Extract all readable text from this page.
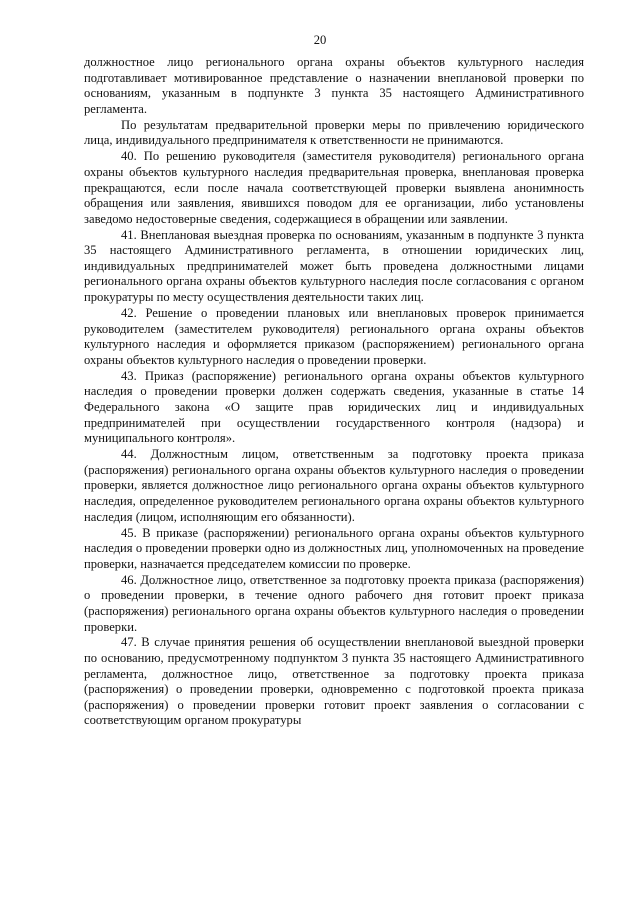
20

должностное лицо регионального органа охраны объектов культурного наследия подготавливает мотивированное представление о назначении внеплановой проверки по основаниям, указанным в подпункте 3 пункта 35 настоящего Административного регламента.

По результатам предварительной проверки меры по привлечению юридического лица, индивидуального предпринимателя к ответственности не принимаются.

40. По решению руководителя (заместителя руководителя) регионального органа охраны объектов культурного наследия предварительная проверка, внеплановая проверка прекращаются, если после начала соответствующей проверки выявлена анонимность обращения или заявления, явившихся поводом для ее организации, либо установлены заведомо недостоверные сведения, содержащиеся в обращении или заявлении.

41. Внеплановая выездная проверка по основаниям, указанным в подпункте 3 пункта 35 настоящего Административного регламента, в отношении юридических лиц, индивидуальных предпринимателей может быть проведена должностными лицами регионального органа охраны объектов культурного наследия после согласования с органом прокуратуры по месту осуществления деятельности таких лиц.

42. Решение о проведении плановых или внеплановых проверок принимается руководителем (заместителем руководителя) регионального органа охраны объектов культурного наследия и оформляется приказом (распоряжением) регионального органа охраны объектов культурного наследия о проведении проверки.

43. Приказ (распоряжение) регионального органа охраны объектов культурного наследия о проведении проверки должен содержать сведения, указанные в статье 14 Федерального закона «О защите прав юридических лиц и индивидуальных предпринимателей при осуществлении государственного контроля (надзора) и муниципального контроля».

44. Должностным лицом, ответственным за подготовку проекта приказа (распоряжения) регионального органа охраны объектов культурного наследия о проведении проверки, является должностное лицо регионального органа охраны объектов культурного наследия, определенное руководителем регионального органа охраны объектов культурного наследия (лицом, исполняющим его обязанности).

45. В приказе (распоряжении) регионального органа охраны объектов культурного наследия о проведении проверки одно из должностных лиц, уполномоченных на проведение проверки, назначается председателем комиссии по проверке.

46. Должностное лицо, ответственное за подготовку проекта приказа (распоряжения) о проведении проверки, в течение одного рабочего дня готовит проект приказа (распоряжения) регионального органа охраны объектов культурного наследия о проведении проверки.

47. В случае принятия решения об осуществлении внеплановой выездной проверки по основанию, предусмотренному подпунктом 3 пункта 35 настоящего Административного регламента, должностное лицо, ответственное за подготовку проекта приказа (распоряжения) о проведении проверки, одновременно с подготовкой проекта приказа (распоряжения) о проведении проверки готовит проект заявления о согласовании с соответствующим органом прокуратуры
